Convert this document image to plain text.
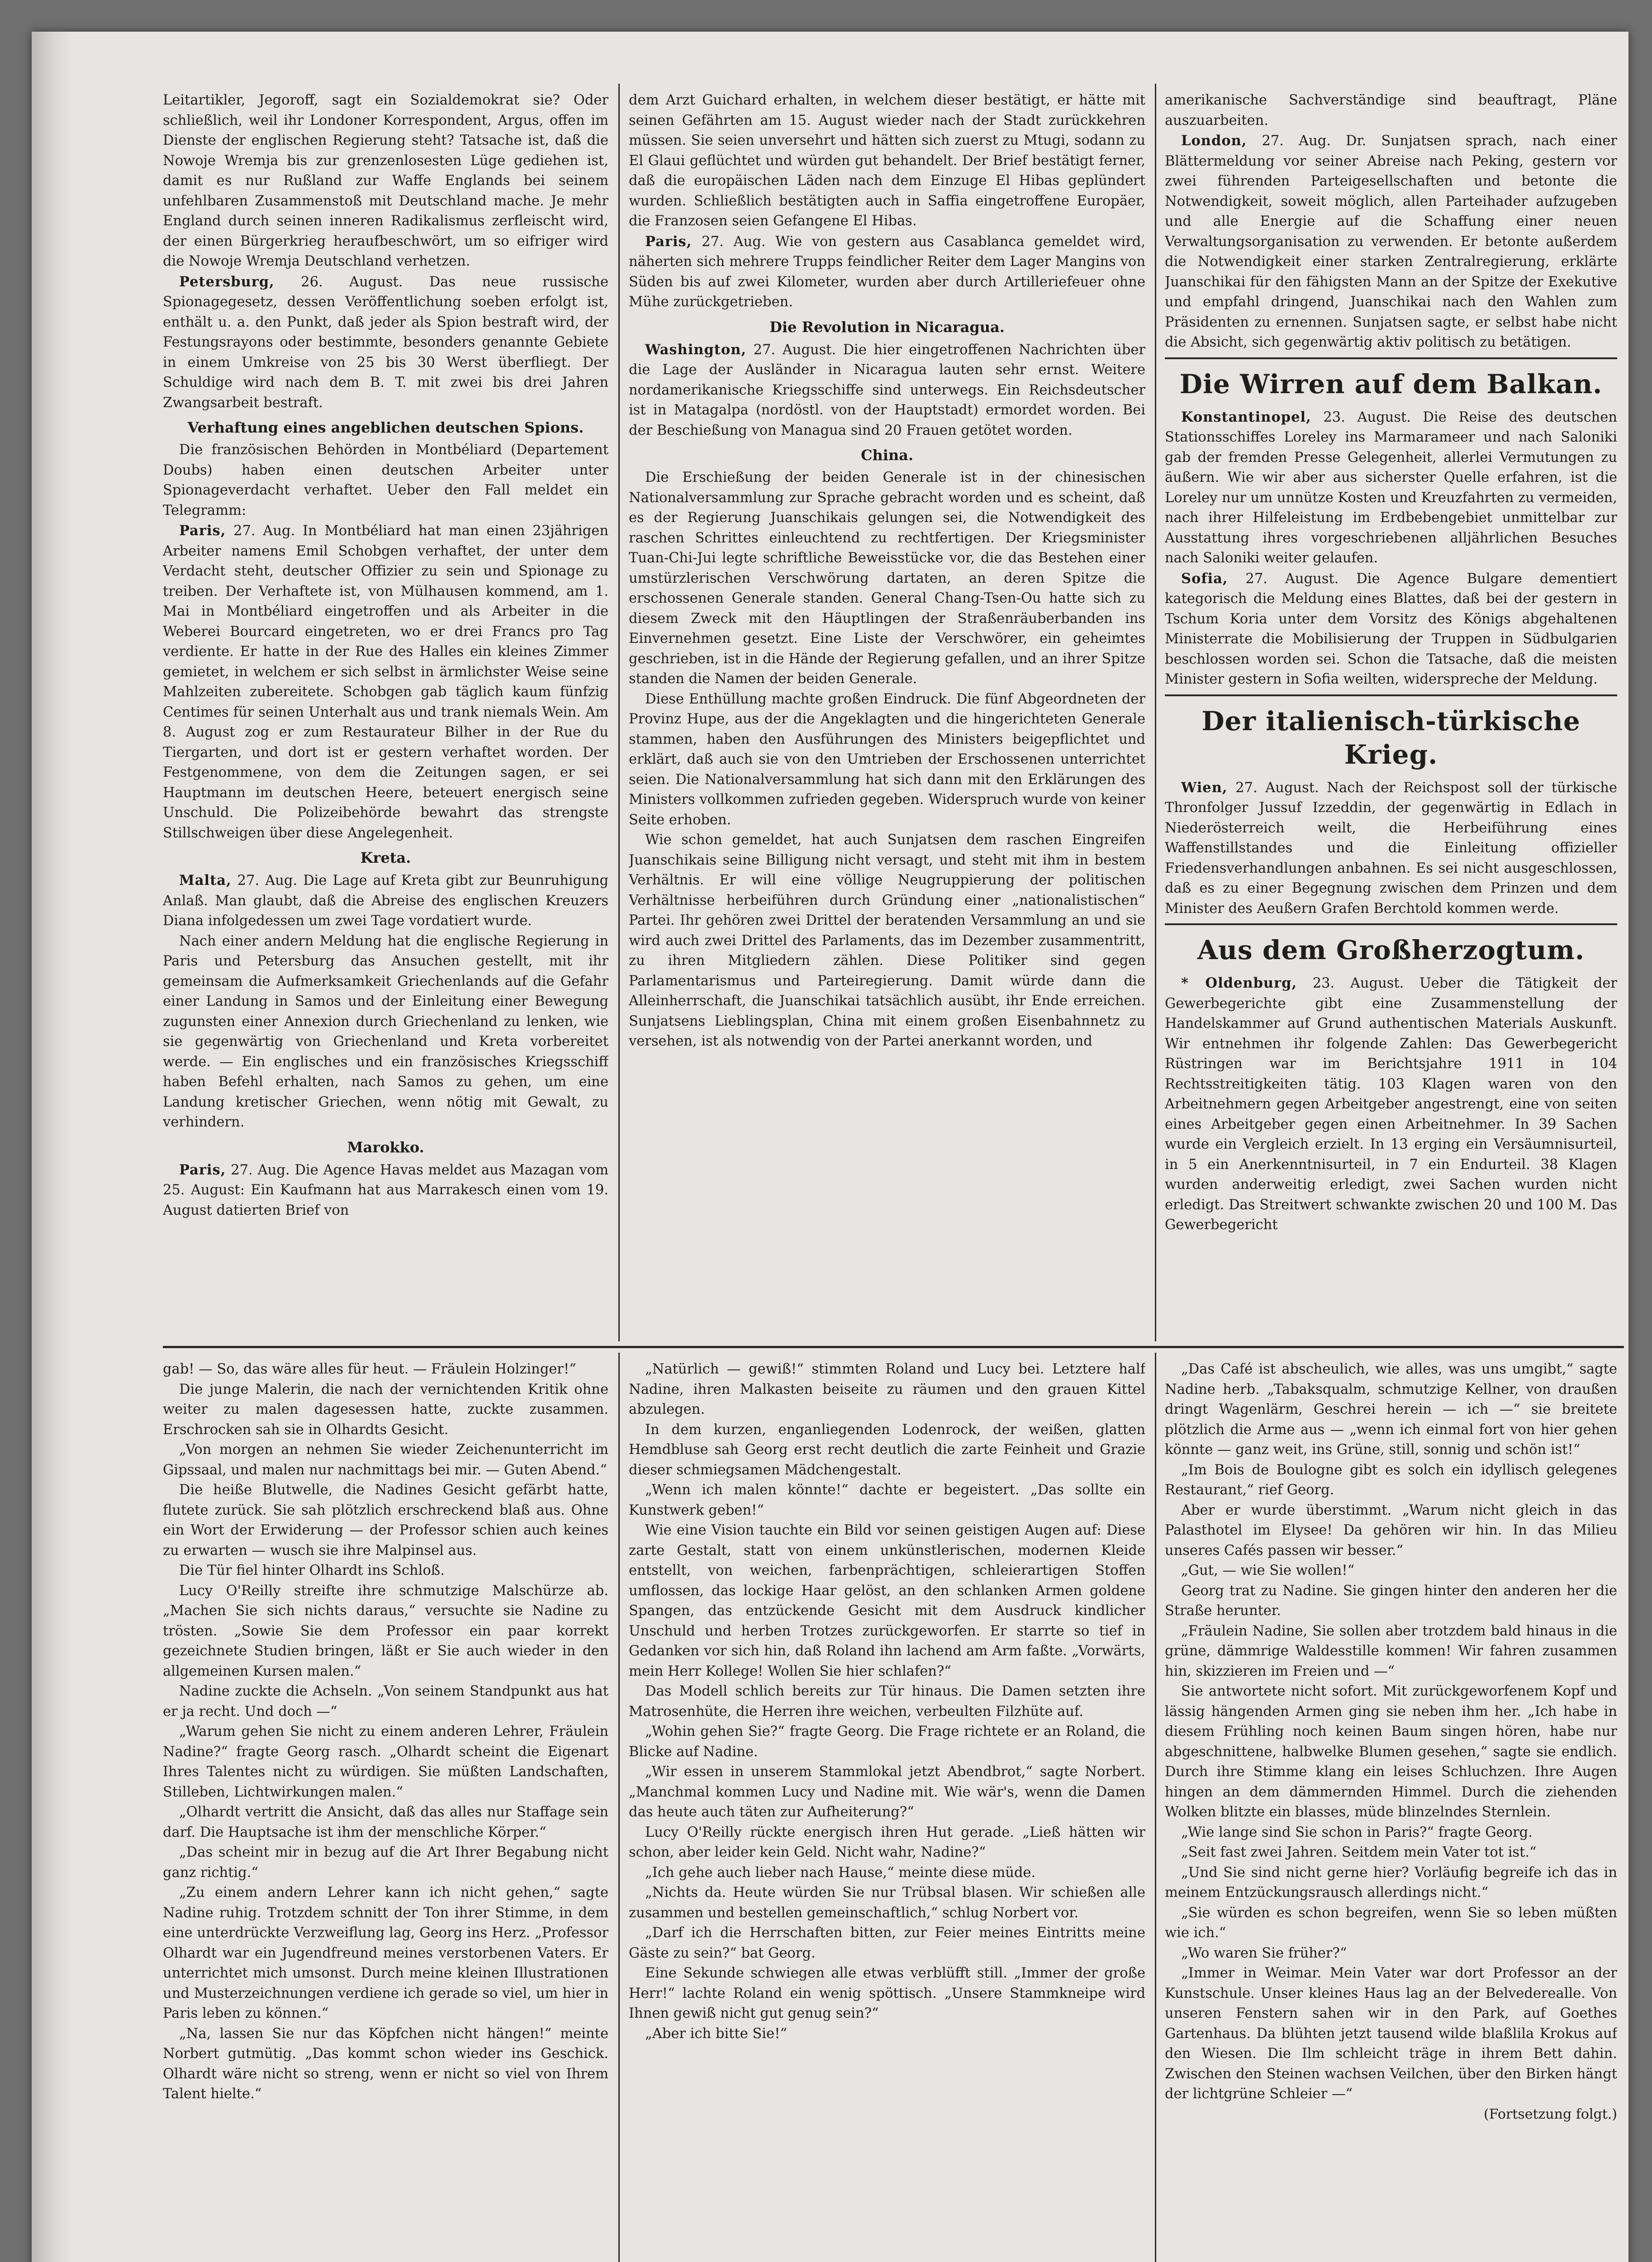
Leitartikler, Jegoroff, sagt ein Sozialdemokrat sie? Oder schließlich, weil ihr Londoner Korrespondent, Argus, offen im Dienste der englischen Regierung steht? Tatsache ist, daß die Nowoje Wremja bis zur grenzenlosesten Lüge gediehen ist, damit es nur Rußland zur Waffe Englands bei seinem unfehlbaren Zusammenstoß mit Deutschland mache. Je mehr England durch seinen inneren Radikalismus zerfleischt wird, der einen Bürgerkrieg heraufbeschwört, um so eifriger wird die Nowoje Wremja Deutschland verhetzen.

Petersburg, 26. August. Das neue russische Spionagegesetz, dessen Veröffentlichung soeben erfolgt ist, enthält u. a. den Punkt, daß jeder als Spion bestraft wird, der Festungsrayons oder bestimmte, besonders genannte Gebiete in einem Umkreise von 25 bis 30 Werst überfliegt. Der Schuldige wird nach dem B. T. mit zwei bis drei Jahren Zwangsarbeit bestraft.

Verhaftung eines angeblichen deutschen Spions.

Die französischen Behörden in Montbéliard (Departement Doubs) haben einen deutschen Arbeiter unter Spionageverdacht verhaftet. Ueber den Fall meldet ein Telegramm:

Paris, 27. Aug. In Montbéliard hat man einen 23jährigen Arbeiter namens Emil Schobgen verhaftet, der unter dem Verdacht steht, deutscher Offizier zu sein und Spionage zu treiben. Der Verhaftete ist, von Mülhausen kommend, am 1. Mai in Montbéliard eingetroffen und als Arbeiter in die Weberei Bourcard eingetreten, wo er drei Francs pro Tag verdiente. Er hatte in der Rue des Halles ein kleines Zimmer gemietet, in welchem er sich selbst in ärmlichster Weise seine Mahlzeiten zubereitete. Schobgen gab täglich kaum fünfzig Centimes für seinen Unterhalt aus und trank niemals Wein. Am 8. August zog er zum Restaurateur Bilher in der Rue du Tiergarten, und dort ist er gestern verhaftet worden. Der Festgenommene, von dem die Zeitungen sagen, er sei Hauptmann im deutschen Heere, beteuert energisch seine Unschuld. Die Polizeibehörde bewahrt das strengste Stillschweigen über diese Angelegenheit.

Kreta.

Malta, 27. Aug. Die Lage auf Kreta gibt zur Beunruhigung Anlaß. Man glaubt, daß die Abreise des englischen Kreuzers Diana infolgedessen um zwei Tage vordatiert wurde.

Nach einer andern Meldung hat die englische Regierung in Paris und Petersburg das Ansuchen gestellt, mit ihr gemeinsam die Aufmerksamkeit Griechenlands auf die Gefahr einer Landung in Samos und der Einleitung einer Bewegung zugunsten einer Annexion durch Griechenland zu lenken, wie sie gegenwärtig von Griechenland und Kreta vorbereitet werde. — Ein englisches und ein französisches Kriegsschiff haben Befehl erhalten, nach Samos zu gehen, um eine Landung kretischer Griechen, wenn nötig mit Gewalt, zu verhindern.

Marokko.

Paris, 27. Aug. Die Agence Havas meldet aus Mazagan vom 25. August: Ein Kaufmann hat aus Marrakesch einen vom 19. August datierten Brief von

dem Arzt Guichard erhalten, in welchem dieser bestätigt, er hätte mit seinen Gefährten am 15. August wieder nach der Stadt zurückkehren müssen. Sie seien unversehrt und hätten sich zuerst zu Mtugi, sodann zu El Glaui geflüchtet und würden gut behandelt. Der Brief bestätigt ferner, daß die europäischen Läden nach dem Einzuge El Hibas geplündert wurden. Schließlich bestätigten auch in Saffia eingetroffene Europäer, die Franzosen seien Gefangene El Hibas.

Paris, 27. Aug. Wie von gestern aus Casablanca gemeldet wird, näherten sich mehrere Trupps feindlicher Reiter dem Lager Mangins von Süden bis auf zwei Kilometer, wurden aber durch Artilleriefeuer ohne Mühe zurückgetrieben.

Die Revolution in Nicaragua.

Washington, 27. August. Die hier eingetroffenen Nachrichten über die Lage der Ausländer in Nicaragua lauten sehr ernst. Weitere nordamerikanische Kriegsschiffe sind unterwegs. Ein Reichsdeutscher ist in Matagalpa (nordöstl. von der Hauptstadt) ermordet worden. Bei der Beschießung von Managua sind 20 Frauen getötet worden.

China.

Die Erschießung der beiden Generale ist in der chinesischen Nationalversammlung zur Sprache gebracht worden und es scheint, daß es der Regierung Juanschikais gelungen sei, die Notwendigkeit des raschen Schrittes einleuchtend zu rechtfertigen. Der Kriegsminister Tuan-Chi-Jui legte schriftliche Beweisstücke vor, die das Bestehen einer umstürzlerischen Verschwörung dartaten, an deren Spitze die erschossenen Generale standen. General Chang-Tsen-Ou hatte sich zu diesem Zweck mit den Häuptlingen der Straßenräuberbanden ins Einvernehmen gesetzt. Eine Liste der Verschwörer, ein geheimtes geschrieben, ist in die Hände der Regierung gefallen, und an ihrer Spitze standen die Namen der beiden Generale.

Diese Enthüllung machte großen Eindruck. Die fünf Abgeordneten der Provinz Hupe, aus der die Angeklagten und die hingerichteten Generale stammen, haben den Ausführungen des Ministers beigepflichtet und erklärt, daß auch sie von den Umtrieben der Erschossenen unterrichtet seien. Die Nationalversammlung hat sich dann mit den Erklärungen des Ministers vollkommen zufrieden gegeben. Widerspruch wurde von keiner Seite erhoben.

Wie schon gemeldet, hat auch Sunjatsen dem raschen Eingreifen Juanschikais seine Billigung nicht versagt, und steht mit ihm in bestem Verhältnis. Er will eine völlige Neugruppierung der politischen Verhältnisse herbeiführen durch Gründung einer „nationalistischen“ Partei. Ihr gehören zwei Drittel der beratenden Versammlung an und sie wird auch zwei Drittel des Parlaments, das im Dezember zusammentritt, zu ihren Mitgliedern zählen. Diese Politiker sind gegen Parlamentarismus und Parteiregierung. Damit würde dann die Alleinherrschaft, die Juanschikai tatsächlich ausübt, ihr Ende erreichen. Sunjatsens Lieblingsplan, China mit einem großen Eisenbahnnetz zu versehen, ist als notwendig von der Partei anerkannt worden, und

amerikanische Sachverständige sind beauftragt, Pläne auszuarbeiten.

London, 27. Aug. Dr. Sunjatsen sprach, nach einer Blättermeldung vor seiner Abreise nach Peking, gestern vor zwei führenden Parteigesellschaften und betonte die Notwendigkeit, soweit möglich, allen Parteihader aufzugeben und alle Energie auf die Schaffung einer neuen Verwaltungsorganisation zu verwenden. Er betonte außerdem die Notwendigkeit einer starken Zentralregierung, erklärte Juanschikai für den fähigsten Mann an der Spitze der Exekutive und empfahl dringend, Juanschikai nach den Wahlen zum Präsidenten zu ernennen. Sunjatsen sagte, er selbst habe nicht die Absicht, sich gegenwärtig aktiv politisch zu betätigen.

Die Wirren auf dem Balkan.

Konstantinopel, 23. August. Die Reise des deutschen Stationsschiffes Loreley ins Marmarameer und nach Saloniki gab der fremden Presse Gelegenheit, allerlei Vermutungen zu äußern. Wie wir aber aus sicherster Quelle erfahren, ist die Loreley nur um unnütze Kosten und Kreuzfahrten zu vermeiden, nach ihrer Hilfeleistung im Erdbebengebiet unmittelbar zur Ausstattung ihres vorgeschriebenen alljährlichen Besuches nach Saloniki weiter gelaufen.

Sofia, 27. August. Die Agence Bulgare dementiert kategorisch die Meldung eines Blattes, daß bei der gestern in Tschum Koria unter dem Vorsitz des Königs abgehaltenen Ministerrate die Mobilisierung der Truppen in Südbulgarien beschlossen worden sei. Schon die Tatsache, daß die meisten Minister gestern in Sofia weilten, widerspreche der Meldung.

Der italienisch-türkische Krieg.

Wien, 27. August. Nach der Reichspost soll der türkische Thronfolger Jussuf Izzeddin, der gegenwärtig in Edlach in Niederösterreich weilt, die Herbeiführung eines Waffenstillstandes und die Einleitung offizieller Friedensverhandlungen anbahnen. Es sei nicht ausgeschlossen, daß es zu einer Begegnung zwischen dem Prinzen und dem Minister des Aeußern Grafen Berchtold kommen werde.

Aus dem Großherzogtum.

* Oldenburg, 23. August. Ueber die Tätigkeit der Gewerbegerichte gibt eine Zusammenstellung der Handelskammer auf Grund authentischen Materials Auskunft. Wir entnehmen ihr folgende Zahlen: Das Gewerbegericht Rüstringen war im Berichtsjahre 1911 in 104 Rechtsstreitigkeiten tätig. 103 Klagen waren von den Arbeitnehmern gegen Arbeitgeber angestrengt, eine von seiten eines Arbeitgeber gegen einen Arbeitnehmer. In 39 Sachen wurde ein Vergleich erzielt. In 13 erging ein Versäumnisurteil, in 5 ein Anerkenntnisurteil, in 7 ein Endurteil. 38 Klagen wurden anderweitig erledigt, zwei Sachen wurden nicht erledigt. Das Streitwert schwankte zwischen 20 und 100 M. Das Gewerbegericht

gab! — So, das wäre alles für heut. — Fräulein Holzinger!“

Die junge Malerin, die nach der vernichtenden Kritik ohne weiter zu malen dagesessen hatte, zuckte zusammen. Erschrocken sah sie in Olhardts Gesicht.

„Von morgen an nehmen Sie wieder Zeichenunterricht im Gipssaal, und malen nur nachmittags bei mir. — Guten Abend.“

Die heiße Blutwelle, die Nadines Gesicht gefärbt hatte, flutete zurück. Sie sah plötzlich erschreckend blaß aus. Ohne ein Wort der Erwiderung — der Professor schien auch keines zu erwarten — wusch sie ihre Malpinsel aus.

Die Tür fiel hinter Olhardt ins Schloß.

Lucy O'Reilly streifte ihre schmutzige Malschürze ab. „Machen Sie sich nichts daraus,“ versuchte sie Nadine zu trösten. „Sowie Sie dem Professor ein paar korrekt gezeichnete Studien bringen, läßt er Sie auch wieder in den allgemeinen Kursen malen.“

Nadine zuckte die Achseln. „Von seinem Standpunkt aus hat er ja recht. Und doch —“

„Warum gehen Sie nicht zu einem anderen Lehrer, Fräulein Nadine?“ fragte Georg rasch. „Olhardt scheint die Eigenart Ihres Talentes nicht zu würdigen. Sie müßten Landschaften, Stilleben, Lichtwirkungen malen.“

„Olhardt vertritt die Ansicht, daß das alles nur Staffage sein darf. Die Hauptsache ist ihm der menschliche Körper.“

„Das scheint mir in bezug auf die Art Ihrer Begabung nicht ganz richtig.“

„Zu einem andern Lehrer kann ich nicht gehen,“ sagte Nadine ruhig. Trotzdem schnitt der Ton ihrer Stimme, in dem eine unterdrückte Verzweiflung lag, Georg ins Herz. „Professor Olhardt war ein Jugendfreund meines verstorbenen Vaters. Er unterrichtet mich umsonst. Durch meine kleinen Illustrationen und Musterzeichnungen verdiene ich gerade so viel, um hier in Paris leben zu können.“

„Na, lassen Sie nur das Köpfchen nicht hängen!“ meinte Norbert gutmütig. „Das kommt schon wieder ins Geschick. Olhardt wäre nicht so streng, wenn er nicht so viel von Ihrem Talent hielte.“

„Natürlich — gewiß!“ stimmten Roland und Lucy bei. Letztere half Nadine, ihren Malkasten beiseite zu räumen und den grauen Kittel abzulegen.

In dem kurzen, enganliegenden Lodenrock, der weißen, glatten Hemdbluse sah Georg erst recht deutlich die zarte Feinheit und Grazie dieser schmiegsamen Mädchengestalt.

„Wenn ich malen könnte!“ dachte er begeistert. „Das sollte ein Kunstwerk geben!“

Wie eine Vision tauchte ein Bild vor seinen geistigen Augen auf: Diese zarte Gestalt, statt von einem unkünstlerischen, modernen Kleide entstellt, von weichen, farbenprächtigen, schleierartigen Stoffen umflossen, das lockige Haar gelöst, an den schlanken Armen goldene Spangen, das entzückende Gesicht mit dem Ausdruck kindlicher Unschuld und herben Trotzes zurückgeworfen. Er starrte so tief in Gedanken vor sich hin, daß Roland ihn lachend am Arm faßte. „Vorwärts, mein Herr Kollege! Wollen Sie hier schlafen?“

Das Modell schlich bereits zur Tür hinaus. Die Damen setzten ihre Matrosenhüte, die Herren ihre weichen, verbeulten Filzhüte auf.

„Wohin gehen Sie?“ fragte Georg. Die Frage richtete er an Roland, die Blicke auf Nadine.

„Wir essen in unserem Stammlokal jetzt Abendbrot,“ sagte Norbert. „Manchmal kommen Lucy und Nadine mit. Wie wär's, wenn die Damen das heute auch täten zur Aufheiterung?“

Lucy O'Reilly rückte energisch ihren Hut gerade. „Ließ hätten wir schon, aber leider kein Geld. Nicht wahr, Nadine?“

„Ich gehe auch lieber nach Hause,“ meinte diese müde.

„Nichts da. Heute würden Sie nur Trübsal blasen. Wir schießen alle zusammen und bestellen gemeinschaftlich,“ schlug Norbert vor.

„Darf ich die Herrschaften bitten, zur Feier meines Eintritts meine Gäste zu sein?“ bat Georg.

Eine Sekunde schwiegen alle etwas verblüfft still. „Immer der große Herr!“ lachte Roland ein wenig spöttisch. „Unsere Stammkneipe wird Ihnen gewiß nicht gut genug sein?“

„Aber ich bitte Sie!“

„Das Café ist abscheulich, wie alles, was uns umgibt,“ sagte Nadine herb. „Tabaksqualm, schmutzige Kellner, von draußen dringt Wagenlärm, Geschrei herein — ich —“ sie breitete plötzlich die Arme aus — „wenn ich einmal fort von hier gehen könnte — ganz weit, ins Grüne, still, sonnig und schön ist!“

„Im Bois de Boulogne gibt es solch ein idyllisch gelegenes Restaurant,“ rief Georg.

Aber er wurde überstimmt. „Warum nicht gleich in das Palasthotel im Elysee! Da gehören wir hin. In das Milieu unseres Cafés passen wir besser.“

„Gut, — wie Sie wollen!“

Georg trat zu Nadine. Sie gingen hinter den anderen her die Straße herunter.

„Fräulein Nadine, Sie sollen aber trotzdem bald hinaus in die grüne, dämmrige Waldesstille kommen! Wir fahren zusammen hin, skizzieren im Freien und —“

Sie antwortete nicht sofort. Mit zurückgeworfenem Kopf und lässig hängenden Armen ging sie neben ihm her. „Ich habe in diesem Frühling noch keinen Baum singen hören, habe nur abgeschnittene, halbwelke Blumen gesehen,“ sagte sie endlich. Durch ihre Stimme klang ein leises Schluchzen. Ihre Augen hingen an dem dämmernden Himmel. Durch die ziehenden Wolken blitzte ein blasses, müde blinzelndes Sternlein.

„Wie lange sind Sie schon in Paris?“ fragte Georg.

„Seit fast zwei Jahren. Seitdem mein Vater tot ist.“

„Und Sie sind nicht gerne hier? Vorläufig begreife ich das in meinem Entzückungsrausch allerdings nicht.“

„Sie würden es schon begreifen, wenn Sie so leben müßten wie ich.“

„Wo waren Sie früher?“

„Immer in Weimar. Mein Vater war dort Professor an der Kunstschule. Unser kleines Haus lag an der Belvederealle. Von unseren Fenstern sahen wir in den Park, auf Goethes Gartenhaus. Da blühten jetzt tausend wilde blaßlila Krokus auf den Wiesen. Die Ilm schleicht träge in ihrem Bett dahin. Zwischen den Steinen wachsen Veilchen, über den Birken hängt der lichtgrüne Schleier —“

(Fortsetzung folgt.)
